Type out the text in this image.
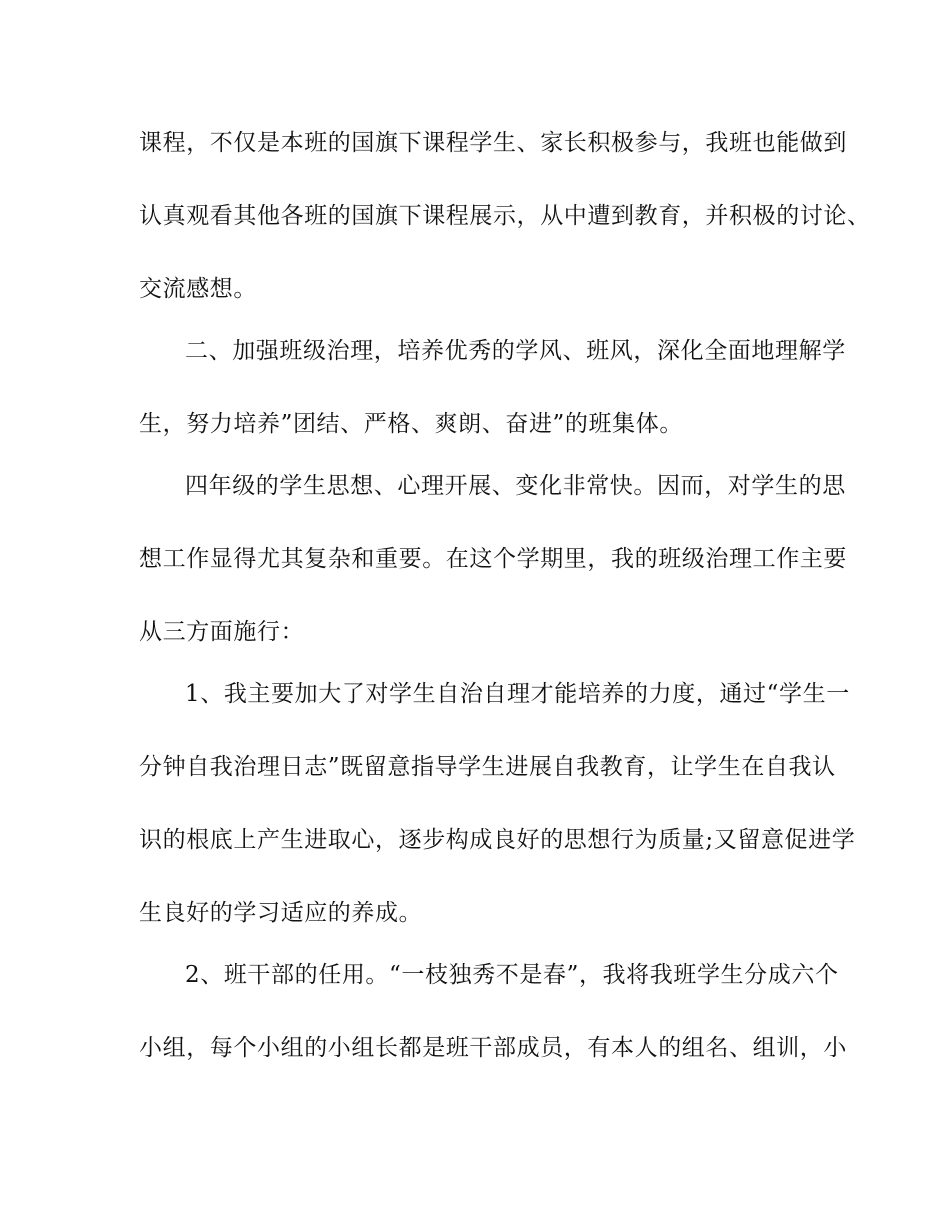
课程，不仅是本班的国旗下课程学生、家长积极参与，我班也能做到
认真观看其他各班的国旗下课程展示，从中遭到教育，并积极的讨论、
交流感想。
二、加强班级治理，培养优秀的学风、班风，深化全面地理解学
生，努力培养”团结、严格、爽朗、奋进”的班集体。
四年级的学生思想、心理开展、变化非常快。因而，对学生的思
想工作显得尤其复杂和重要。在这个学期里，我的班级治理工作主要
从三方面施行：
1、我主要加大了对学生自治自理才能培养的力度，通过“学生一
分钟自我治理日志”既留意指导学生进展自我教育，让学生在自我认
识的根底上产生进取心，逐步构成良好的思想行为质量;又留意促进学
生良好的学习适应的养成。
2、班干部的任用。“一枝独秀不是春”，我将我班学生分成六个
小组，每个小组的小组长都是班干部成员，有本人的组名、组训，小
